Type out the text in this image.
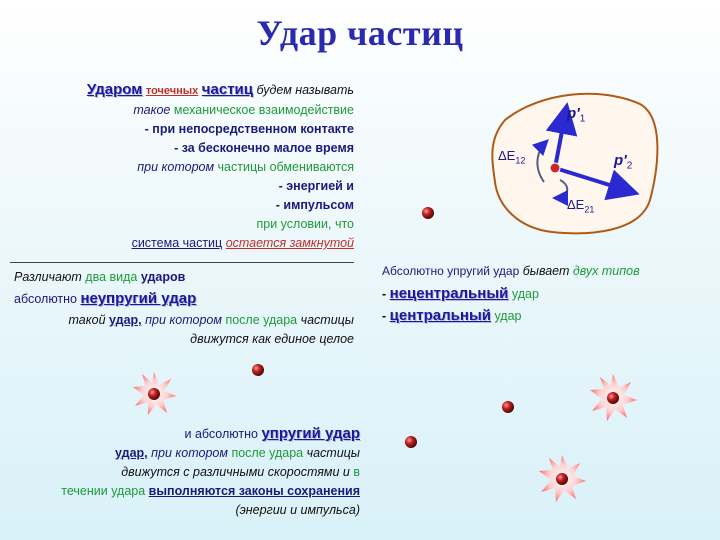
Удар частиц
Ударом точечных частиц будем называть
такое механическое взаимодействие
- при непосредственном контакте
- за бесконечно малое время
при котором частицы обмениваются
- энергией и
- импульсом
при условии, что
система частиц остается замкнутой
Различают два вида ударов
абсолютно неупругий удар
такой удар, при котором после удара частицы
движутся как единое целое
и абсолютно упругий удар
удар, при котором после удара частицы
движутся с различными скоростями и в
течении удара выполняются законы сохранения
(энергии и импульса)
Абсолютно упругий удар бывает двух типов
- нецентральный удар
- центральный удар
$p'_1$
$p'_2$
$\Delta E_{12}$
$\Delta E_{21}$
